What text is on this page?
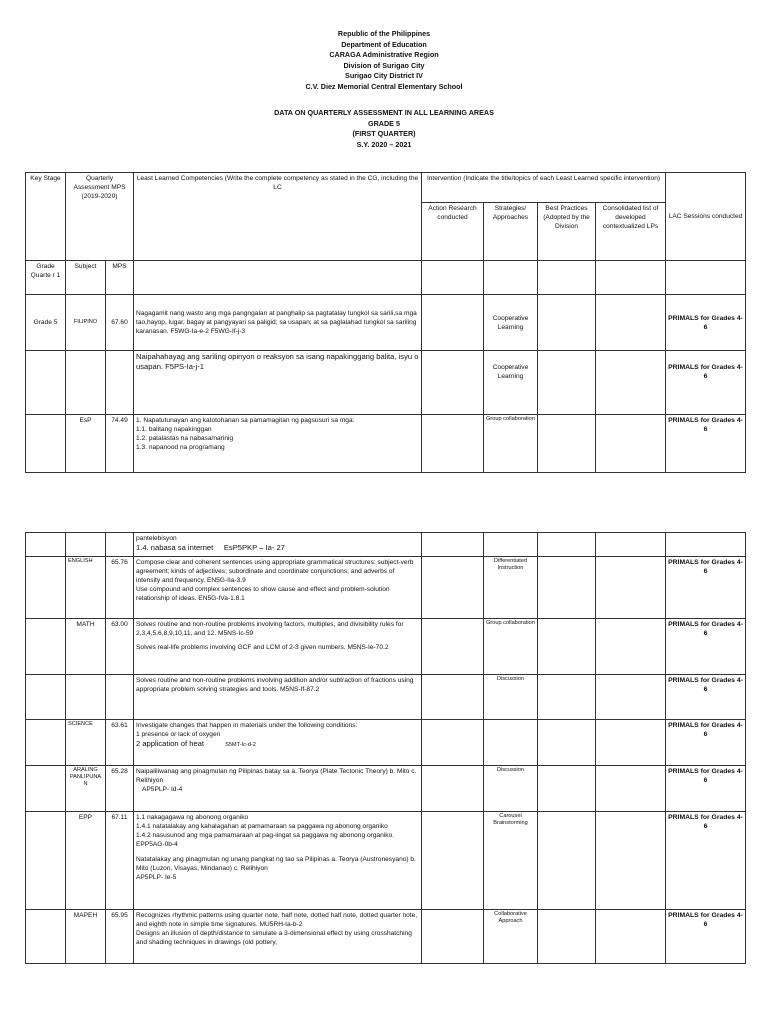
Republic of the Philippines
Department of Education
CARAGA Administrative Region
Division of Surigao City
Surigao City District IV
C.V. Diez Memorial Central Elementary School
DATA ON QUARTERLY ASSESSMENT IN ALL LEARNING AREAS
GRADE 5
(FIRST QUARTER)
S.Y. 2020 – 2021
Key Stage	Quarterly Assessment MPS (2019-2020)		Least Learned Competencies (Write the complete competency as stated in the CG, including the LC	Intervention (Indicate the title/topics of each Least Learned specific intervention)				LAC Sessions conducted
				Action Research conducted	Strategies/ Approaches	Best Practices (Adopted by the Division	Consolidated list of developed contextualized LPs	
Grade Quarte r 1	Subject	MPS						
Grade 5	FILIPINO	67.60	Nagagamit nang wasto ang mga pangngalan at panghalip sa pagtatalay tungkol sa sarili,sa mga tao,hayop, lugar, bagay at pangyayari sa paligid; sa usapan; at sa paglalahad tungkol sa sariling karanasan. F5WG-Ia-e-2 F5WG-If-j-3		Cooperative Learning			PRIMALS for Grades 4-6
			Naipahahayag ang sariling opinyon o reaksyon sa isang napakinggang balita, isyu o usapan. F5PS-Ia-j-1		Cooperative Learning			PRIMALS for Grades 4-6
	EsP	74.49	1. Napatutunayan ang katotohanan sa pamamagitan ng pagsusuri sa mga:
1.1. balitang napakinggan
1.2. patalastas na nabasa/narinig
1.3. napanood na programang		Group collaboration			PRIMALS for Grades 4-6

			pantelebisyon
1.4. nabasa sa internet EsP5PKP – Ia- 27					

	ENGLISH	65.76	Compose clear and coherent sentences using appropriate grammatical structures: subject-verb agreement; kinds of adjectives; subordinate and coordinate conjunctions; and adverbs of intensity and frequency. EN5G-IIa-3.9
Use compound and complex sentences to show cause and effect and problem-solution relationship of ideas. EN5G-IVa-1.8.1		Differentiated Instruction			PRIMALS for Grades 4-6
	MATH	63.00	Solves routine and non-routine problems involving factors, multiples, and divisibility rules for 2,3,4,5,6,8,9,10,11, and 12. M5NS-Ic-59
Solves real-life problems involving GCF and LCM of 2-3 given numbers. M5NS-Ie-70.2		Group collaboration			PRIMALS for Grades 4-6

			Solves routine and non-routine problems involving addition and/or subtraction of fractions using appropriate problem solving strategies and tools. M5NS-If-87.2		Discussion			PRIMALS for Grades 4-6
	SCIENCE	63.61	Investigate changes that happen in materials under the following conditions:
1 presence or lack of oxygen
2 application of heat S5MT-Ic-d-2					PRIMALS for Grades 4-6
	ARALING PANLIPUNAN	65.28	Naipaliliwanag ang pinagmulan ng Pilipinas batay sa a. Teorya (Plate Tectonic Theory) b. Mito c. Relihiyon
AP5PLP- Id-4		Discussion			PRIMALS for Grades 4-6
	EPP	67.11	1.1 nakagagawa ng abonong organiko
1.4.1 natatalakay ang kahalagahan at pamamaraan sa paggawa ng abonong organiko
1.4.2 nasusunod ang mga pamamaraan at pag-iingat sa paggawa ng abonong organiko. EPP5AG-0b-4
Natatalakay ang pinagmulan ng unang pangkat ng tao sa Pilipinas a. Teorya (Austronesyano) b. Mito (Luzon, Visayas, Mindanao) c. Relihiyon
AP5PLP- Ie-5		Carousel Brainstorming			PRIMALS for Grades 4-6
	MAPEH	65.95	Recognizes rhythmic patterns using quarter note, half note, dotted half note, dotted quarter note, and eighth note in simple time signatures. MU5RH-Ia-b-2
Designs an illusion of depth/distance to simulate a 3-dimensional effect by using crosshatching and shading techniques in drawings (old pottery,		Collaborative Approach			PRIMALS for Grades 4-6
